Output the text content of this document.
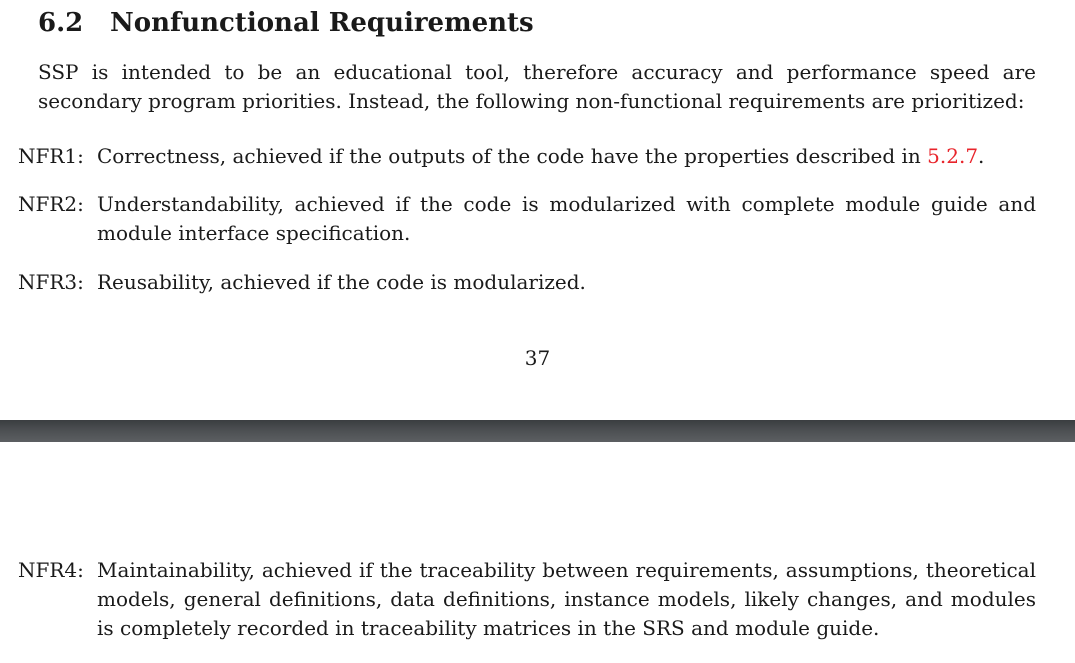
6.2 Nonfunctional Requirements

SSP is intended to be an educational tool, therefore accuracy and performance speed are secondary program priorities. Instead, the following non-functional requirements are prioritized:

NFR1: Correctness, achieved if the outputs of the code have the properties described in 5.2.7.
NFR2: Understandability, achieved if the code is modularized with complete module guide and module interface specification.
NFR3: Reusability, achieved if the code is modularized.
37
NFR4: Maintainability, achieved if the traceability between requirements, assumptions, theoretical models, general definitions, data definitions, instance models, likely changes, and modules is completely recorded in traceability matrices in the SRS and module guide.
